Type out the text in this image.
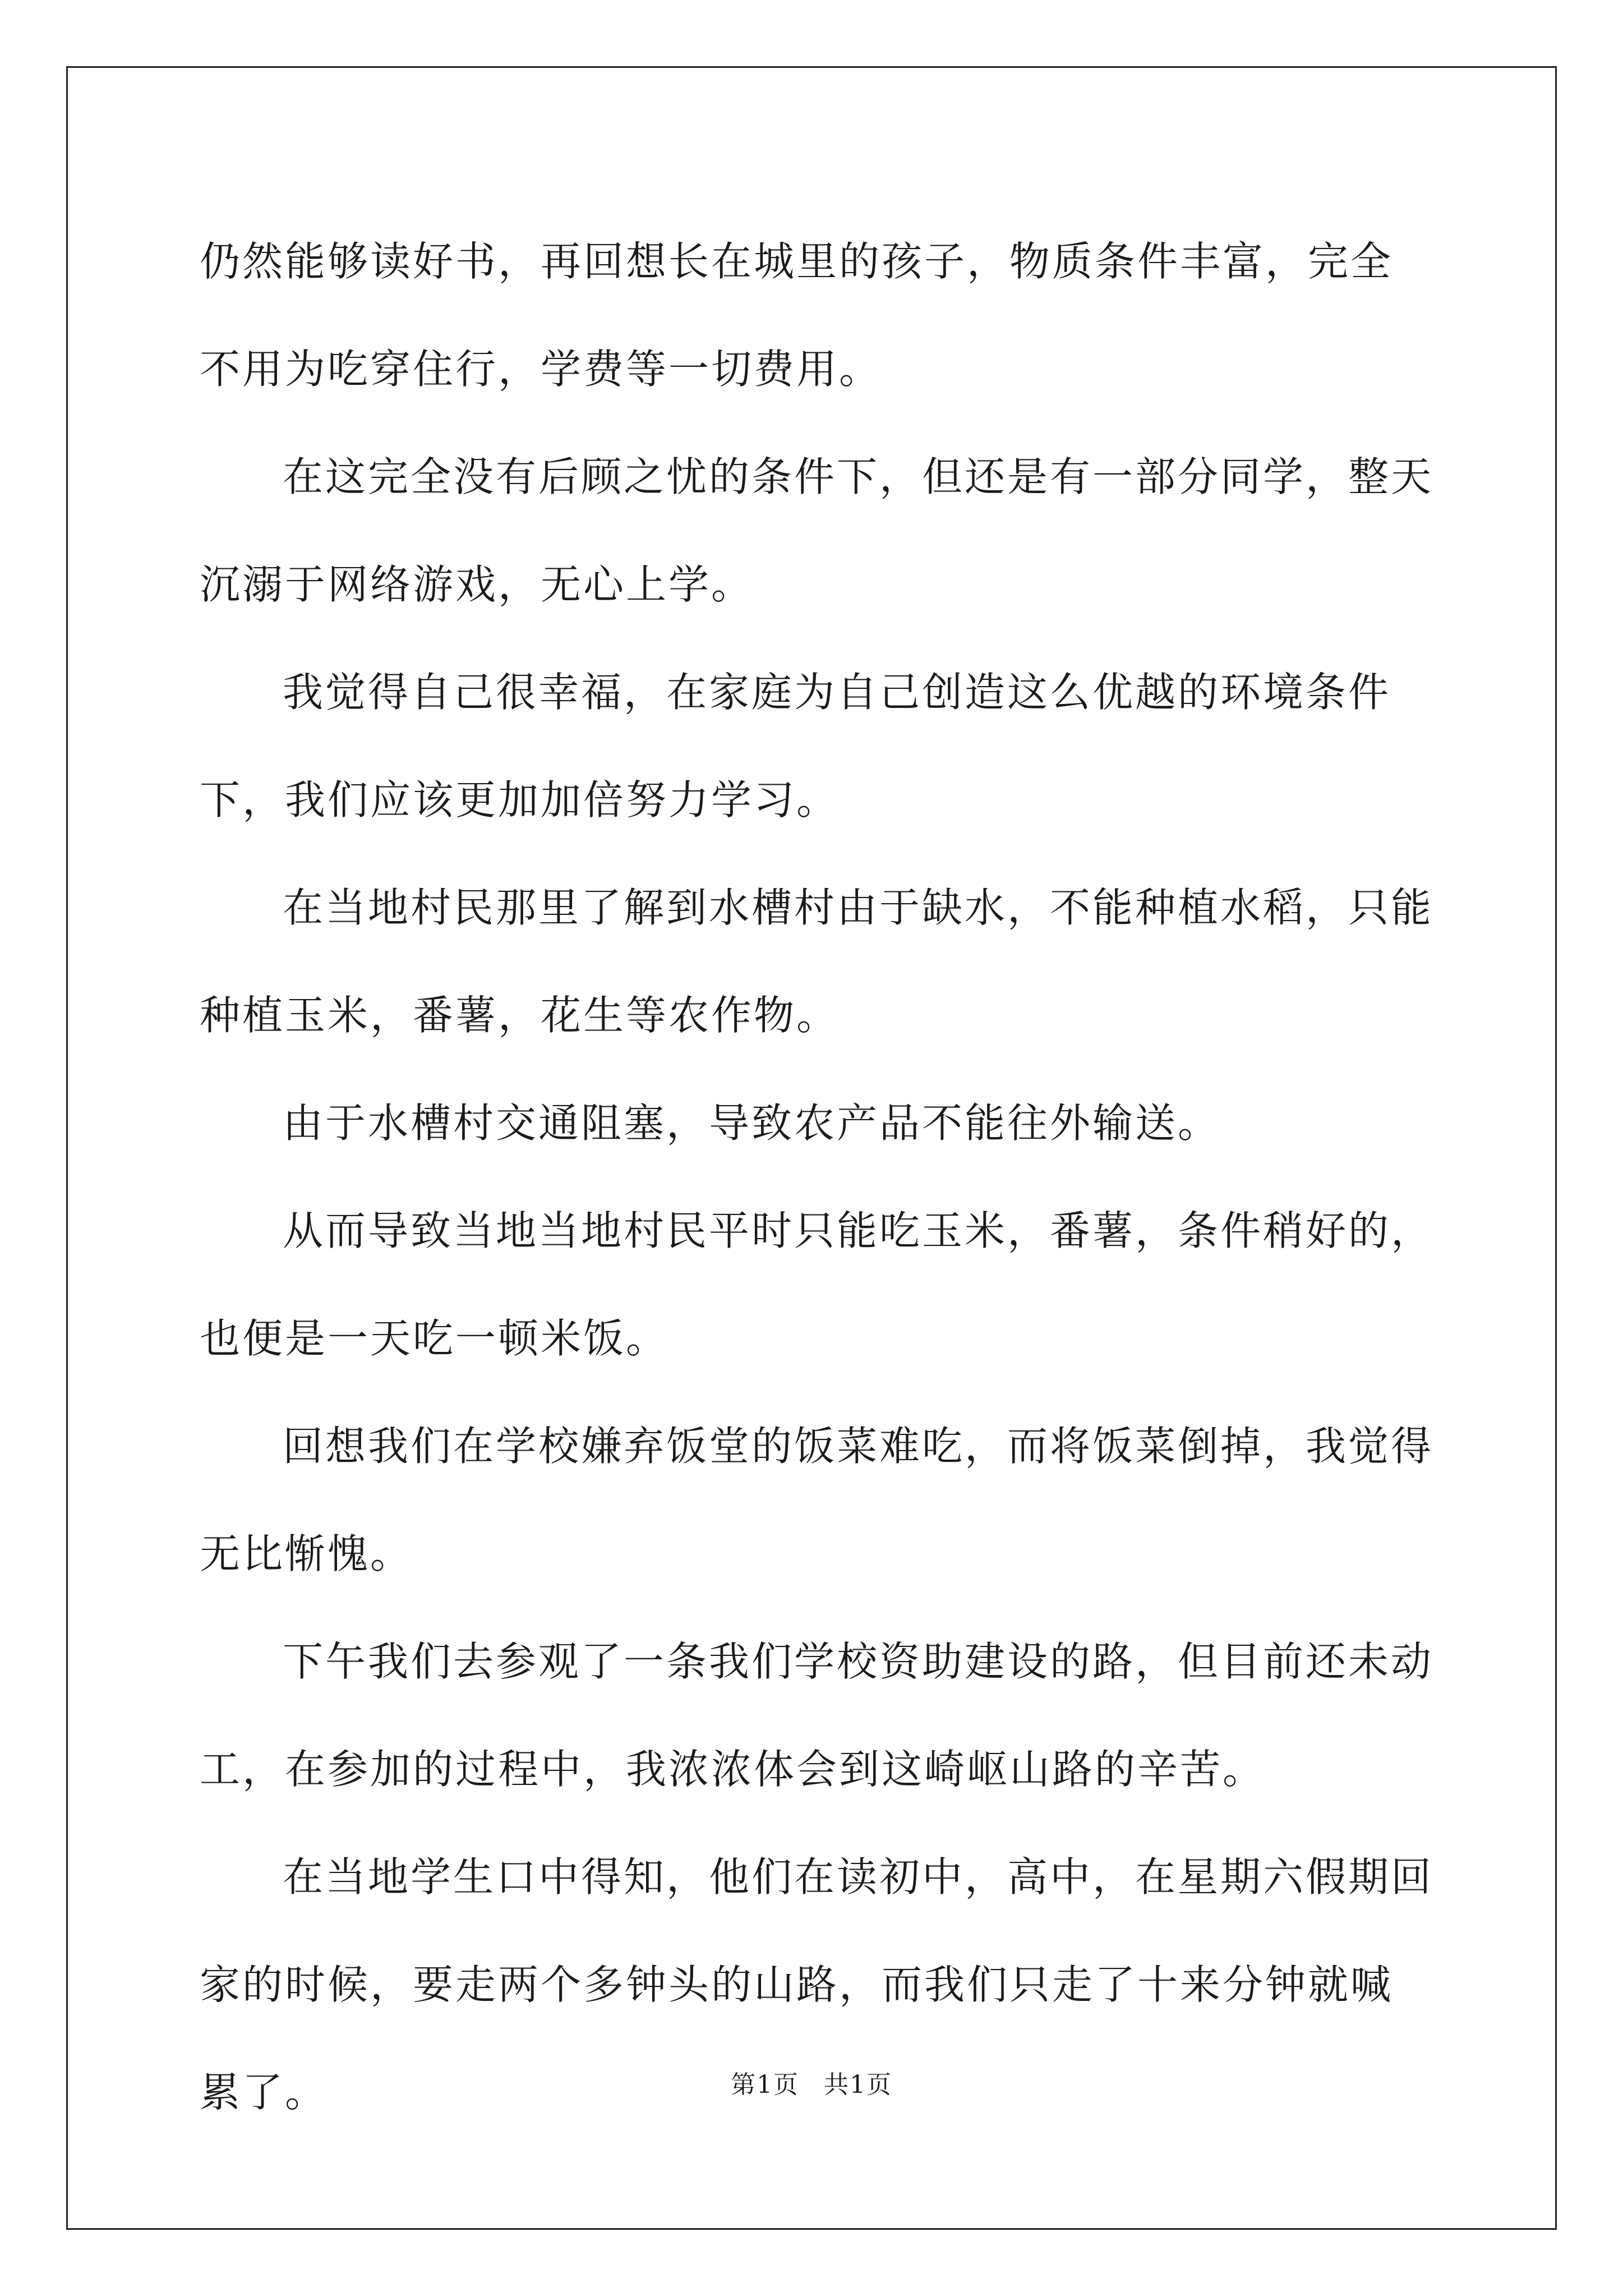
仍然能够读好书，再回想长在城里的孩子，物质条件丰富，完全不用为吃穿住行，学费等一切费用。

在这完全没有后顾之忧的条件下，但还是有一部分同学，整天沉溺于网络游戏，无心上学。

我觉得自己很幸福，在家庭为自己创造这么优越的环境条件下，我们应该更加加倍努力学习。

在当地村民那里了解到水槽村由于缺水，不能种植水稻，只能种植玉米，番薯，花生等农作物。

由于水槽村交通阻塞，导致农产品不能往外输送。

从而导致当地当地村民平时只能吃玉米，番薯，条件稍好的，也便是一天吃一顿米饭。

回想我们在学校嫌弃饭堂的饭菜难吃，而将饭菜倒掉，我觉得无比惭愧。

下午我们去参观了一条我们学校资助建设的路，但目前还未动工，在参加的过程中，我浓浓体会到这崎岖山路的辛苦。

在当地学生口中得知，他们在读初中，高中，在星期六假期回家的时候，要走两个多钟头的山路，而我们只走了十来分钟就喊累了。	第1页 共1页
